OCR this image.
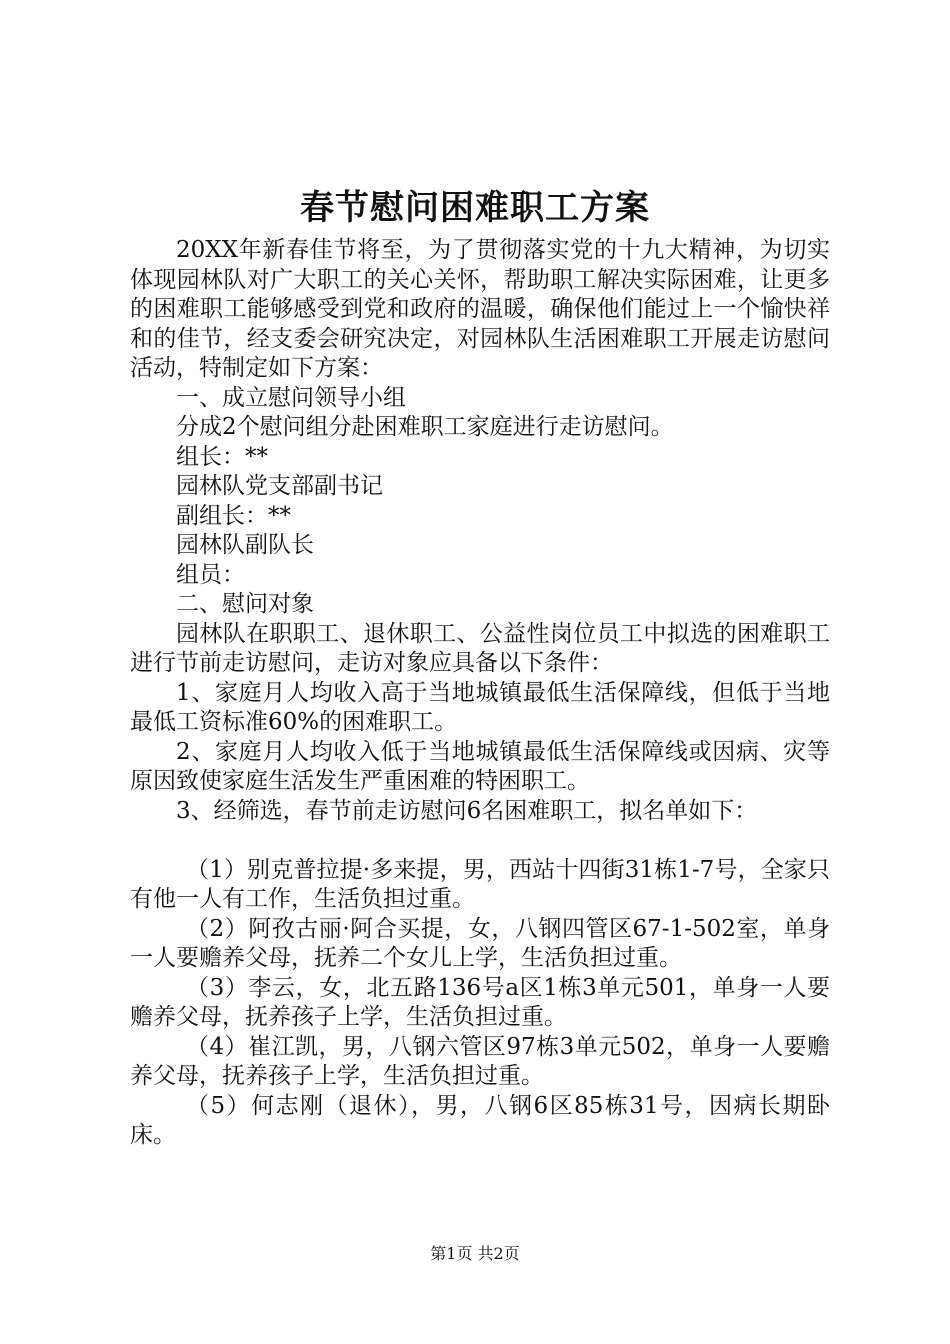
春节慰问困难职工方案

20XX年新春佳节将至，为了贯彻落实党的十九大精神，为切实体现园林队对广大职工的关心关怀，帮助职工解决实际困难，让更多的困难职工能够感受到党和政府的温暖，确保他们能过上一个愉快祥和的佳节，经支委会研究决定，对园林队生活困难职工开展走访慰问活动，特制定如下方案：

一、成立慰问领导小组

分成2个慰问组分赴困难职工家庭进行走访慰问。

组长：**

园林队党支部副书记

副组长：**

园林队副队长

组员：

二、慰问对象

园林队在职职工、退休职工、公益性岗位员工中拟选的困难职工进行节前走访慰问，走访对象应具备以下条件：

1、家庭月人均收入高于当地城镇最低生活保障线，但低于当地最低工资标准60%的困难职工。

2、家庭月人均收入低于当地城镇最低生活保障线或因病、灾等原因致使家庭生活发生严重困难的特困职工。

3、经筛选，春节前走访慰问6名困难职工，拟名单如下：

（1）别克普拉提·多来提，男，西站十四街31栋1-7号，全家只有他一人有工作，生活负担过重。

（2）阿孜古丽·阿合买提，女，八钢四管区67-1-502室，单身一人要赡养父母，抚养二个女儿上学，生活负担过重。

（3）李云，女，北五路136号a区1栋3单元501，单身一人要赡养父母，抚养孩子上学，生活负担过重。

（4）崔江凯，男，八钢六管区97栋3单元502，单身一人要赡养父母，抚养孩子上学，生活负担过重。

（5）何志刚（退休），男，八钢6区85栋31号，因病长期卧床。

第1页 共2页
